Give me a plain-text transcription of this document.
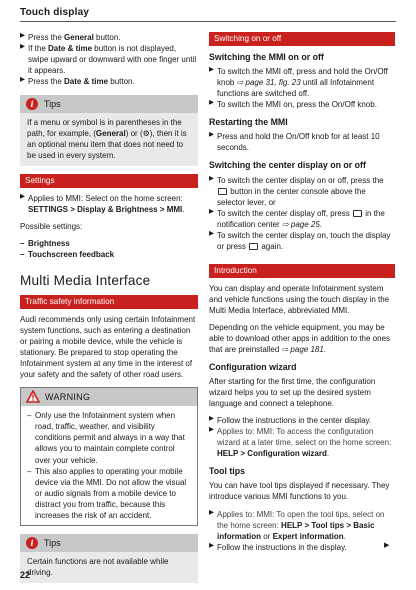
Touch display
▶ Press the General button.
▶ If the Date & time button is not displayed, swipe upward or downward with one finger until it appears.
▶ Press the Date & time button.
i	Tips
If a menu or symbol is in parentheses in the path, for example, (General) or (⚙), then it is an optional menu item that does not need to be used in every system.
Settings
▶ Applies to MMI: Select on the home screen:
SETTINGS > Display & Brightness > MMI.
Possible settings:
– Brightness
– Touchscreen feedback
Multi Media Interface
Traffic safety information
Audi recommends only using certain Infotainment system functions, such as entering a destination or pairing a mobile device, while the vehicle is stationary. Be prepared to stop operating the Infotainment system at any time in the interest of your safety and the safety of other road users.
WARNING
– Only use the Infotainment system when road, traffic, weather, and visibility conditions permit and always in a way that allows you to maintain complete control over your vehicle.
– This also applies to operating your mobile device via the MMI. Do not allow the visual or audio signals from a mobile device to distract you from traffic, because this increases the risk of an accident.
i	Tips
Certain functions are not available while driving.
Switching on or off
Switching the MMI on or off
▶ To switch the MMI off, press and hold the On/Off knob ⇨ page 31, fig. 23 until all Infotainment functions are switched off.
▶ To switch the MMI on, press the On/Off knob.
Restarting the MMI
▶ Press and hold the On/Off knob for at least 10 seconds.
Switching the center display on or off
▶ To switch the center display on or off, press the  button in the center console above the selector lever, or
▶ To switch the center display off, press  in the notification center ⇨ page 25.
▶ To switch the center display on, touch the display or press  again.
Introduction
You can display and operate Infotainment system and vehicle functions using the touch display in the Multi Media Interface, abbreviated MMI.
Depending on the vehicle equipment, you may be able to download other apps in addition to the ones that are preinstalled ⇨ page 181.
Configuration wizard
After starting for the first time, the configuration wizard helps you to set up the desired system language and connect a telephone.
▶ Follow the instructions in the center display.
▶ Applies to: MMI: To access the configuration wizard at a later time, select on the home screen: HELP > Configuration wizard.
Tool tips
You can have tool tips displayed if necessary. They introduce various MMI functions to you.
▶ Applies to: MMI: To open the tool tips, select on the home screen: HELP > Tool tips > Basic information or Expert information.
▶ Follow the instructions in the display.	▶
22
